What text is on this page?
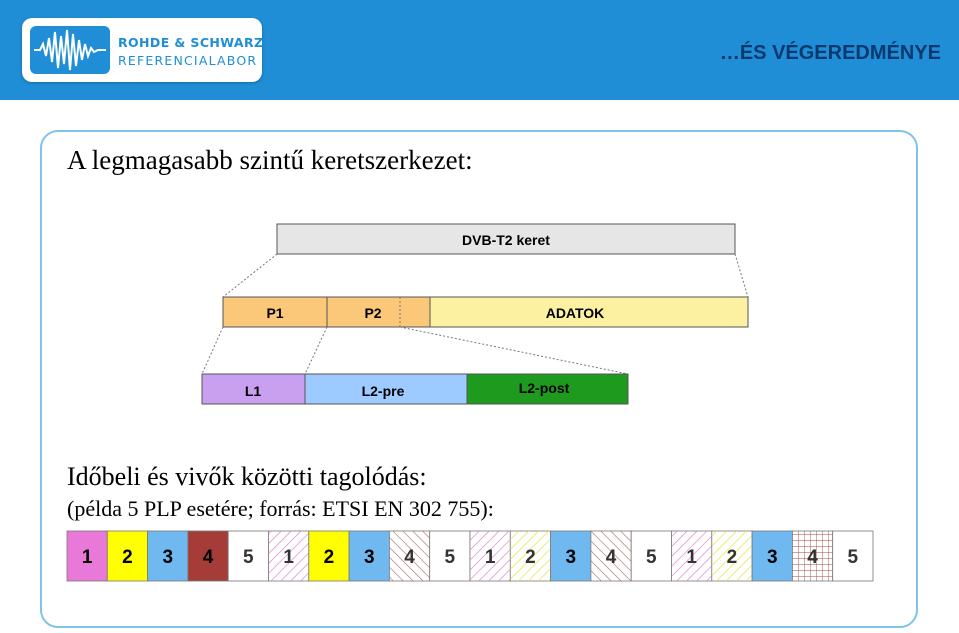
ROHDE & SCHWARZ
REFERENCIALABOR	…ÉS VÉGEREDMÉNYE
A legmagasabb szintű keretszerkezet:
DVB-T2 keret
P1	P2	ADATOK
L1	L2-pre	L2-post
1 2 3 4 5 1 2 3 4 5 1 2 3 4 5 1 2 3 4 5
Időbeli és vivők közötti tagolódás:
(példa 5 PLP esetére; forrás: ETSI EN 302 755):
